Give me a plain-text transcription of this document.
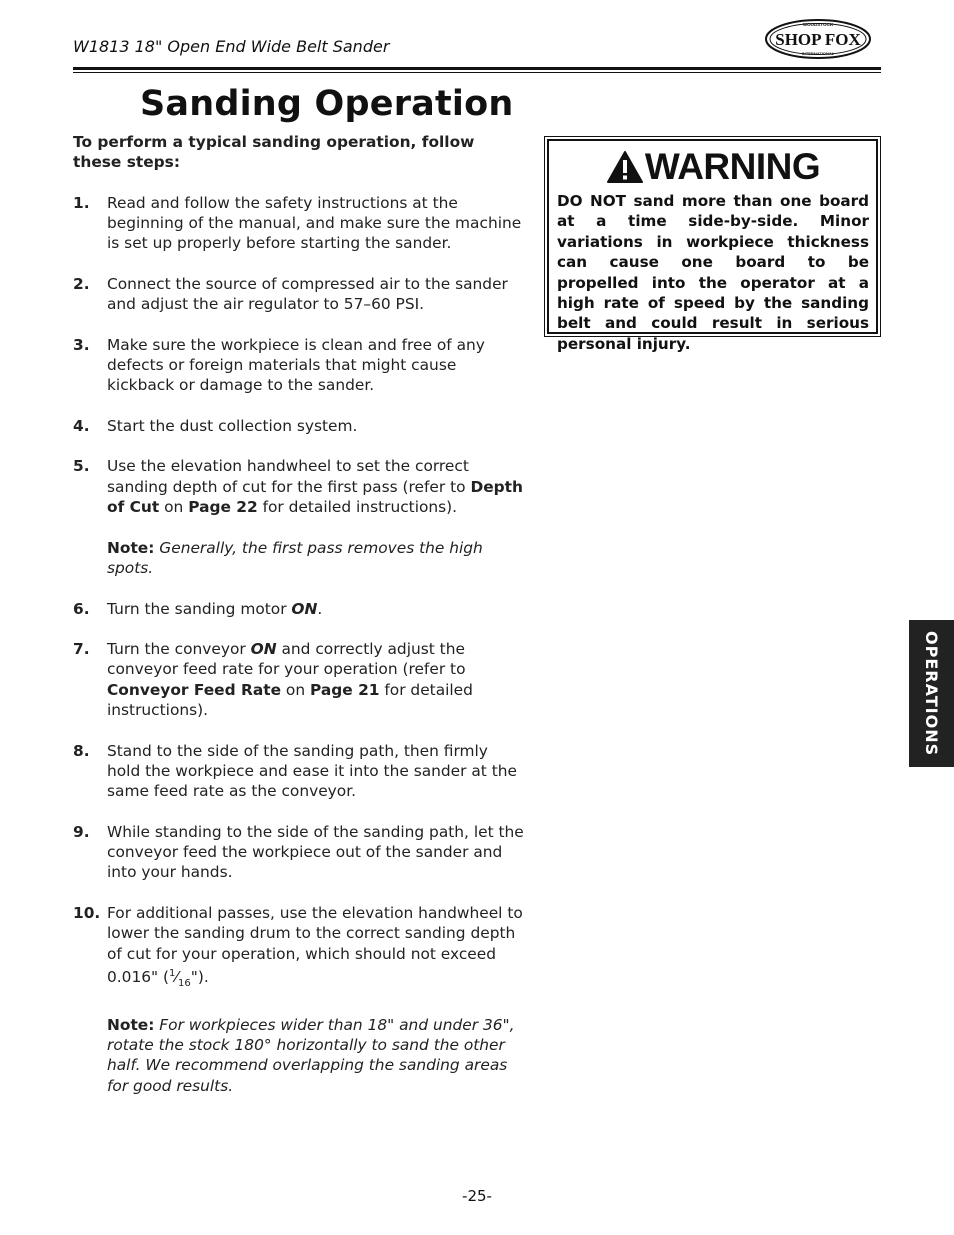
W1813 18" Open End Wide Belt Sander
WOODSTOCK
SHOP FOX
INTERNATIONAL
Sanding Operation

To perform a typical sanding operation, follow these steps:

1.	Read and follow the safety instructions at the beginning of the manual, and make sure the machine is set up properly before starting the sander.

2.	Connect the source of compressed air to the sander and adjust the air regulator to 57–60 PSI.

3.	Make sure the workpiece is clean and free of any defects or foreign materials that might cause kickback or damage to the sander.

4.	Start the dust collection system.

5.	Use the elevation handwheel to set the correct sanding depth of cut for the first pass (refer to Depth of Cut on Page 22 for detailed instructions).

Note: Generally, the first pass removes the high spots.

6.	Turn the sanding motor ON.

7.	Turn the conveyor ON and correctly adjust the conveyor feed rate for your operation (refer to Conveyor Feed Rate on Page 21 for detailed instructions).

8.	Stand to the side of the sanding path, then firmly hold the workpiece and ease it into the sander at the same feed rate as the conveyor.

9.	While standing to the side of the sanding path, let the conveyor feed the workpiece out of the sander and into your hands.

10. For additional passes, use the elevation handwheel to lower the sanding drum to the correct sanding depth of cut for your operation, which should not exceed 0.016" $(^1⁄_{16}")$.

Note: For workpieces wider than 18" and under 36", rotate the stock 180° horizontally to sand the other half. We recommend overlapping the sanding areas for good results.

WARNING

DO NOT sand more than one board at a time side-by-side. Minor variations in workpiece thickness can cause one board to be propelled into the operator at a high rate of speed by the sanding belt and could result in serious personal injury.

OPERATIONS
-25-
